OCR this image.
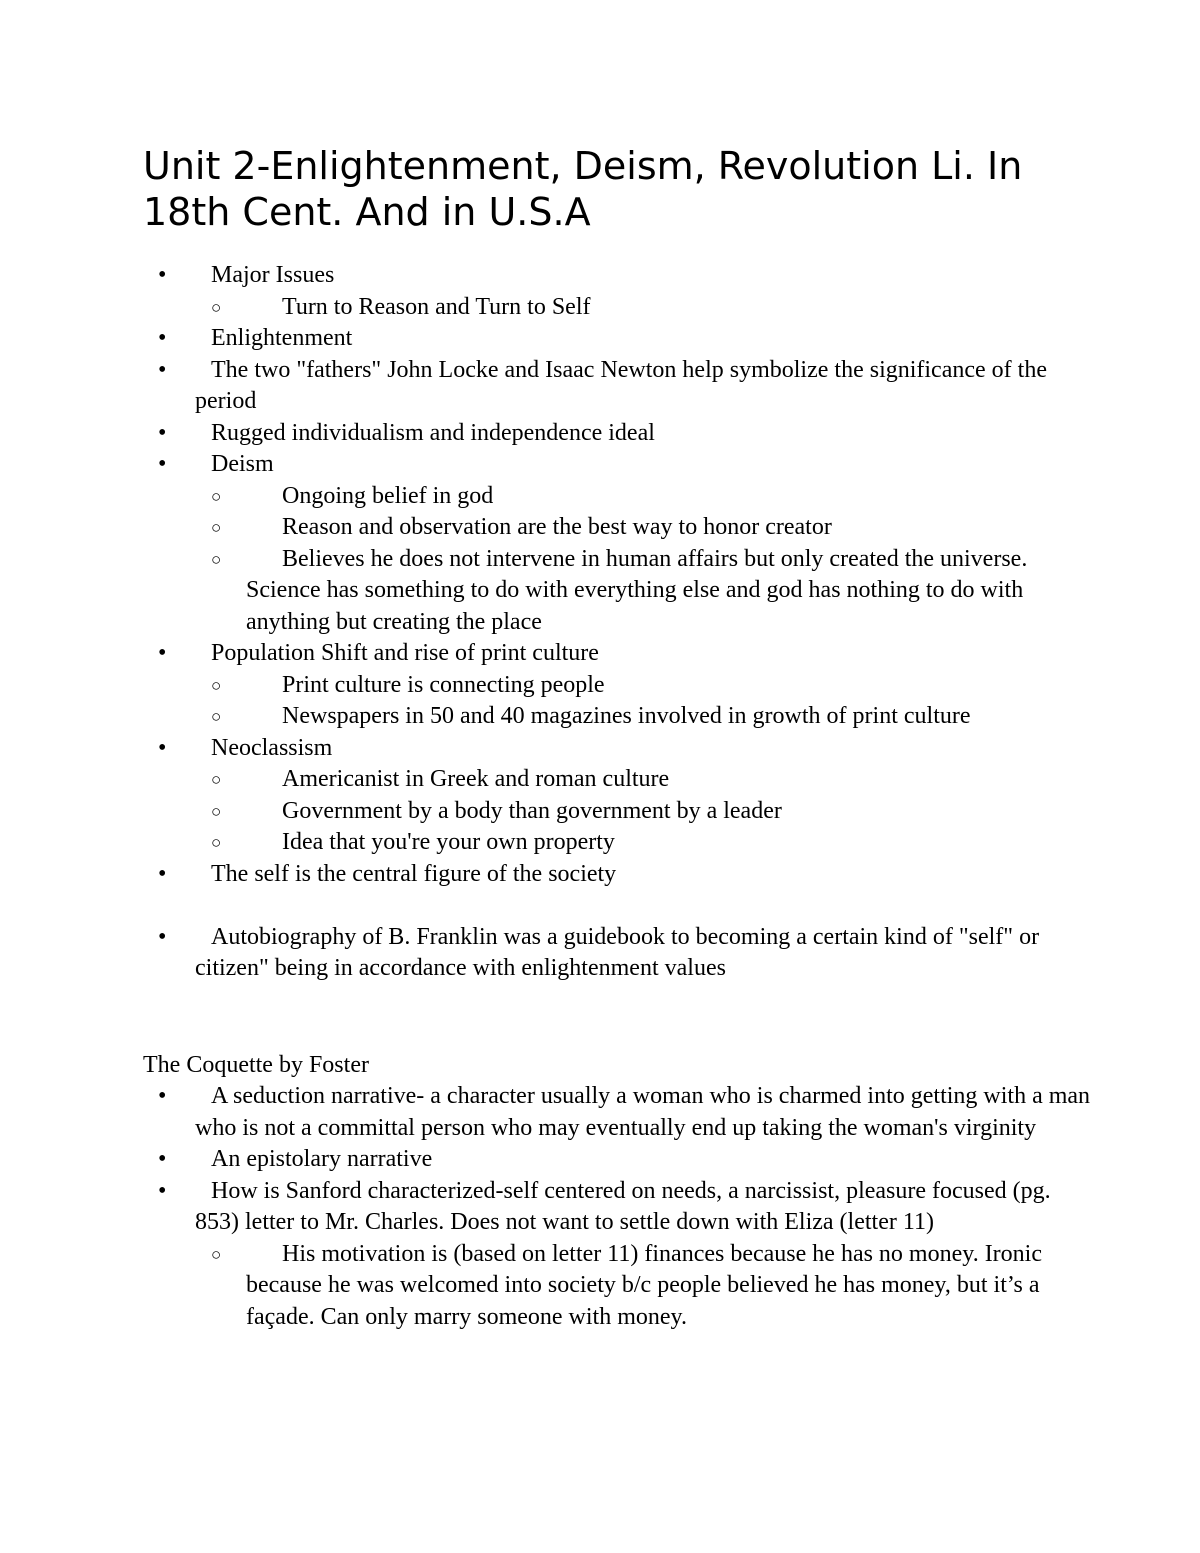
Unit 2-Enlightenment, Deism, Revolution Li. In 18th Cent. And in U.S.A
• Major Issues
○	Turn to Reason and Turn to Self
• Enlightenment
• The two "fathers" John Locke and Isaac Newton help symbolize the significance of the period
• Rugged individualism and independence ideal
• Deism
○	Ongoing belief in god
○	Reason and observation are the best way to honor creator
○	Believes he does not intervene in human affairs but only created the universe. Science has something to do with everything else and god has nothing to do with anything but creating the place
• Population Shift and rise of print culture
○	Print culture is connecting people
○	Newspapers in 50 and 40 magazines involved in growth of print culture
• Neoclassism
○	Americanist in Greek and roman culture
○	Government by a body than government by a leader
○	Idea that you're your own property
• The self is the central figure of the society
• Autobiography of B. Franklin was a guidebook to becoming a certain kind of "self" or citizen" being in accordance with enlightenment values

The Coquette by Foster

• A seduction narrative- a character usually a woman who is charmed into getting with a man who is not a committal person who may eventually end up taking the woman's virginity
• An epistolary narrative
• How is Sanford characterized-self centered on needs, a narcissist, pleasure focused (pg. 853) letter to Mr. Charles. Does not want to settle down with Eliza (letter 11)
○	His motivation is (based on letter 11) finances because he has no money. Ironic because he was welcomed into society b/c people believed he has money, but it’s a façade. Can only marry someone with money.
